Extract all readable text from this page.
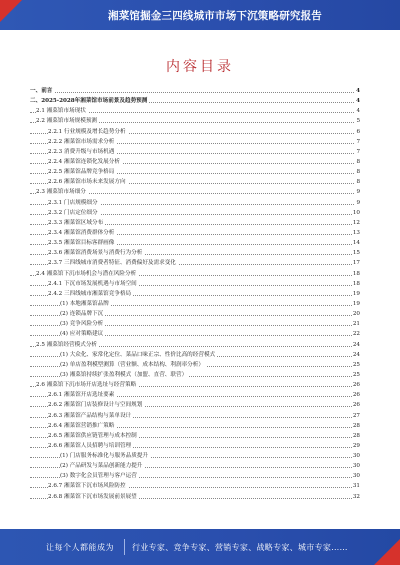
湘菜馆掘金三四线城市市场下沉策略研究报告
内容目录
一、前言	4
二、2025-2028年湘菜馆市场前景及趋势预测	4
2.1 湘菜馆市场现状	4
2.2 湘菜馆市场规模预测	5
2.2.1 行业规模及增长趋势分析	6
2.2.2 湘菜馆市场需求分析	7
2.2.3 消费升级与市场机遇	7
2.2.4 湘菜馆连锁化发展分析	8
2.2.5 湘菜馆品牌竞争格局	8
2.2.6 湘菜馆市场未来发展方向	8
2.3 湘菜馆市场细分	9
2.3.1 门店规模细分	9
2.3.2 门店定位细分	10
2.3.3 湘菜馆区域分布	12
2.3.4 湘菜馆消费群体分析	13
2.3.5 湘菜馆目标客群画像	14
2.3.6 湘菜馆消费场景与消费行为分析	15
2.3.7 三四线城市消费者特征、消费偏好及需求变化	17
2.4 湘菜馆下沉市场机会与潜在风险分析	18
2.4.1 下沉市场发展机遇与市场空间	18
2.4.2 三四线城市湘菜馆竞争格局	19
(1) 本地湘菜馆品牌	19
(2) 连锁品牌下沉	20
(3) 竞争风险分析	21
(4) 应对策略建议	22
2.5 湘菜馆经营模式分析	24
(1) 大众化、家常化定位、菜品口味正宗、性价比高的经营模式	24
(2) 单店盈利模型测算（营业额、成本结构、利润率分析）	25
(3) 湘菜馆持续扩张盈利模式（加盟、直营、联营）	25
2.6 湘菜馆下沉市场开店选址与经营策略	26
2.6.1 湘菜馆开店选址要素	26
2.6.2 湘菜馆门店装修设计与空间规划	26
2.6.3 湘菜馆产品结构与菜单设计	27
2.6.4 湘菜馆营销推广策略	28
2.6.5 湘菜馆供应链管理与成本控制	28
2.6.6 湘菜馆人员招聘与培训管理	29
(1) 门店服务标准化与服务品质提升	30
(2) 产品研发与菜品创新能力提升	30
(3) 数字化会员管理与客户运营	30
2.6.7 湘菜馆下沉市场风险防控	31
2.6.8 湘菜馆下沉市场发展前景展望	32
让每个人都能成为 行业专家、竞争专家、营销专家、战略专家、城市专家……
